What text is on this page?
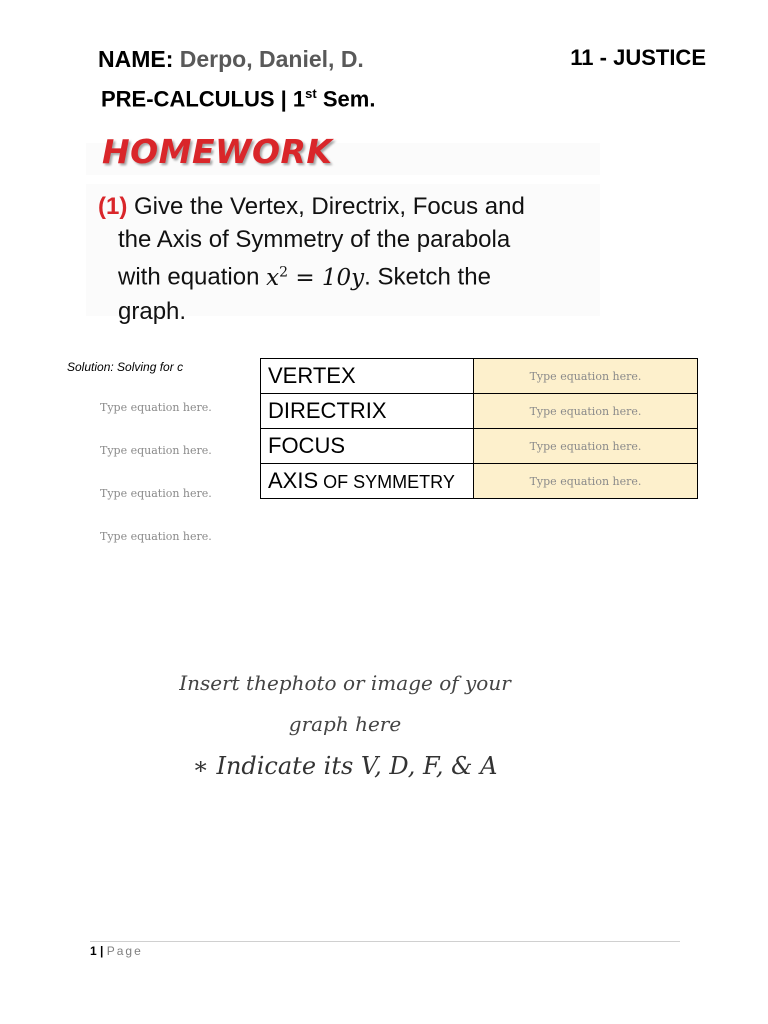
NAME: Derpo, Daniel, D.	11 - JUSTICE
PRE-CALCULUS | 1st Sem.
HOMEWORK
(1) Give the Vertex, Directrix, Focus and
the Axis of Symmetry of the parabola
with equation $x^2 = 10y$. Sketch the
graph.
Solution: Solving for c
Type equation here.
Type equation here.
Type equation here.
Type equation here.
VERTEX	Type equation here.
DIRECTRIX	Type equation here.
FOCUS	Type equation here.
AXIS OF SYMMETRY	Type equation here.
Insert thephoto or image of your
graph here
∗ Indicate its V, D, F, & A
1 | Page
